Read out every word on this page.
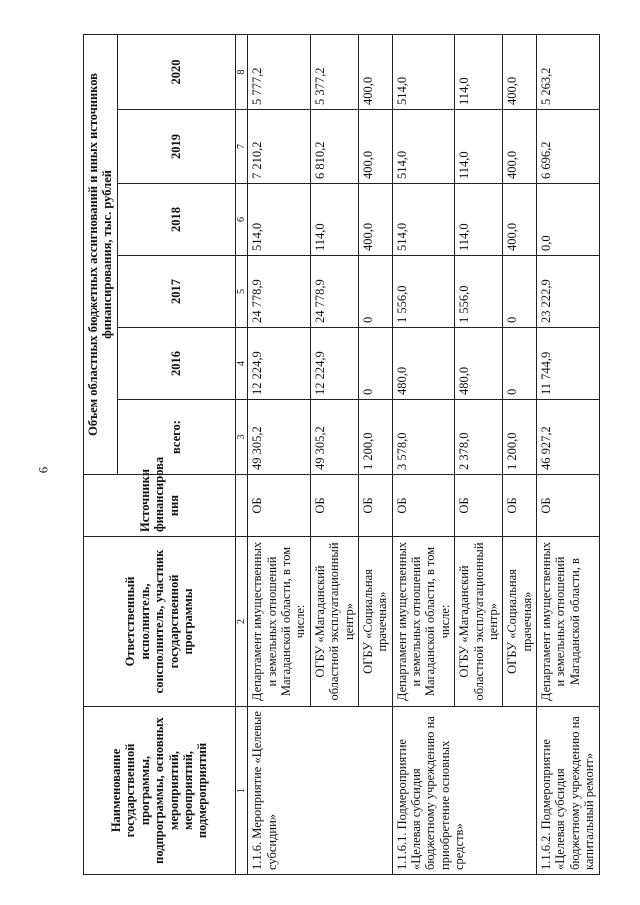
6
Наименование государственной программы, подпрограммы, основных мероприятий, мероприятий, подмероприятий	Ответственный исполнитель, соисполнитель, участник государственной программы	Источники финансирова ния	Объем областных бюджетных ассигнований и иных источников финансирования, тыс. рублей					
			всего:	2016	2017	2018	2019	2020
1	2		3	4	5	6	7	8
1.1.6. Мероприятие «Целевые субсидии»	Департамент имущественных и земельных отношений Магаданской области, в том числе:	ОБ	49 305,2	12 224,9	24 778,9	514,0	7 210,2	5 777,2
	ОГБУ «Магаданский областной эксплуатационный центр»	ОБ	49 305,2	12 224,9	24 778,9	114,0	6 810,2	5 377,2
	ОГБУ «Социальная прачечная»	ОБ	1 200,0	0	0	400,0	400,0	400,0
1.1.6.1. Подмероприятие «Целевая субсидия бюджетному учреждению на приобретение основных средств»	Департамент имущественных и земельных отношений Магаданской области, в том числе:	ОБ	3 578,0	480,0	1 556,0	514,0	514,0	514,0
	ОГБУ «Магаданский областной эксплуатационный центр»	ОБ	2 378,0	480,0	1 556,0	114,0	114,0	114,0
	ОГБУ «Социальная прачечная»	ОБ	1 200,0	0	0	400,0	400,0	400,0
1.1.6.2. Подмероприятие «Целевая субсидия бюджетному учреждению на капитальный ремонт»	Департамент имущественных и земельных отношений Магаданской области, в	ОБ	46 927,2	11 744,9	23 222,9	0,0	6 696,2	5 263,2
